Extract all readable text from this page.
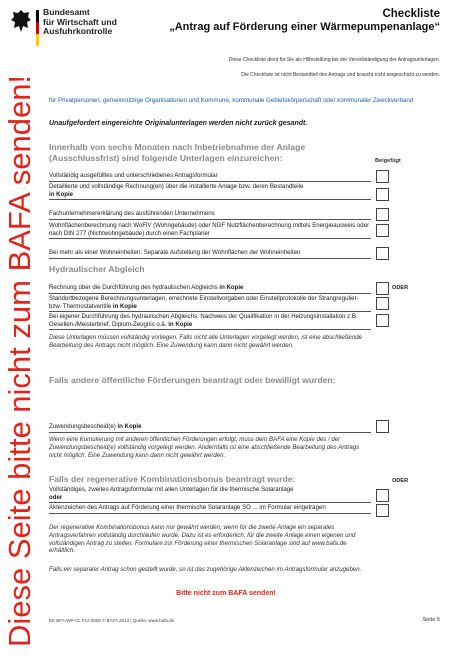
Bundesamt
für Wirtschaft und
Ausfuhrkontrolle
Checkliste
„Antrag auf Förderung einer Wärmepumpenanlage“
Diese Checkliste dient für Sie als Hilfestellung bei der Vervollständigung der Antragsunterlagen.
Die Checkliste ist nicht Bestandteil des Antrags und braucht nicht eingeschickt zu werden.
Diese Seite bitte nicht zum BAFA senden!	für Privatpersonen, gemeinnützige Organisationen und Kommune, kommunale Gebietskörperschaft oder kommunaler Zweckverband
Unaufgefordert eingereichte Originalunterlagen werden nicht zurück gesandt.
Innerhalb von sechs Monaten nach Inbetriebnahme der Anlage
(Ausschlussfrist) sind folgende Unterlagen einzureichen:	Beigefügt
Vollständig ausgefülltes und unterschriebenes Antragsformular
Detaillierte und vollständige Rechnung(en) über die installierte Anlage bzw. deren Bestandteile
in Kopie
Fachunternehmererklärung des ausführenden Unternehmens
Wohnflächenberechnung nach WoFlV (Wohngebäude) oder NGF Nutzflächenberechnung mittels Energieausweis oder nach DIN 277 (Nichtwohngebäude) durch einen Fachplaner
Bei mehr als einer Wohneinheiten: Separate Aufstellung der Wohnflächen der Wohneinheiten
Hydraulischer Abgleich
Rechnung über die Durchführung des hydraulischen Abgleichs in Kopie	ODER
Standortbezogene Berechnungsunterlagen, errechnete Einstellvorgaben oder Einstellprotokolle der Strangregulier- bzw. Thermostatventile in Kopie
Bei eigener Durchführung des hydraulischen Abgleichs: Nachweis der Qualifikation in der Heizungsinstallation z.B. Gesellen-/Meisterbrief, Diplom-Zeugnis o.ä. in Kopie
Diese Unterlagen müssen vollständig vorliegen. Falls nicht alle Unterlagen vorgelegt werden, ist eine abschließende Bearbeitung des Antrags nicht möglich. Eine Zuwendung kann dann nicht gewährt werden.
Falls andere öffentliche Förderungen beantragt oder bewilligt wurden:
Zuwendungsbescheid(e) in Kopie
Wenn eine Kumulierung mit anderen öffentlichen Förderungen erfolgt, muss dem BAFA eine Kopie des / der Zuwendungsbescheid(e) vollständig vorgelegt werden. Andernfalls ist eine abschließende Bearbeitung des Antrags nicht möglich. Eine Zuwendung kann dann nicht gewährt werden.
Falls der regenerative Kombinationsbonus beantragt wurde:
Vollständiges, zweites Antragsformular mit allen Unterlagen für die thermische Solaranlage
oder
Aktenzeichen des Antrags auf Förderung einer thermische Solaranlage SO ... im Formular eingetragen
ODER
Der regenerative Kombinationsbonus kann nur gewährt werden, wenn für die zweite Anlage ein separates Antragsverfahren vollständig durchlaufen wurde. Dazu ist es erforderlich, für die zweite Anlage einen eigenen und vollständigen Antrag zu stellen. Formulare zur Förderung einer thermischen Solaranlage sind auf www.bafa.de erhältlich.
Falls ein separater Antrag schon gestellt wurde, so ist das zugehörige Aktenzeichen im Antragsformular anzugeben.
Bitte nicht zum BAFA senden!
EE BFA-WP-CL F12.0000 © BAFA 2013 | Quelle: www.bafa.de	Seite 5
